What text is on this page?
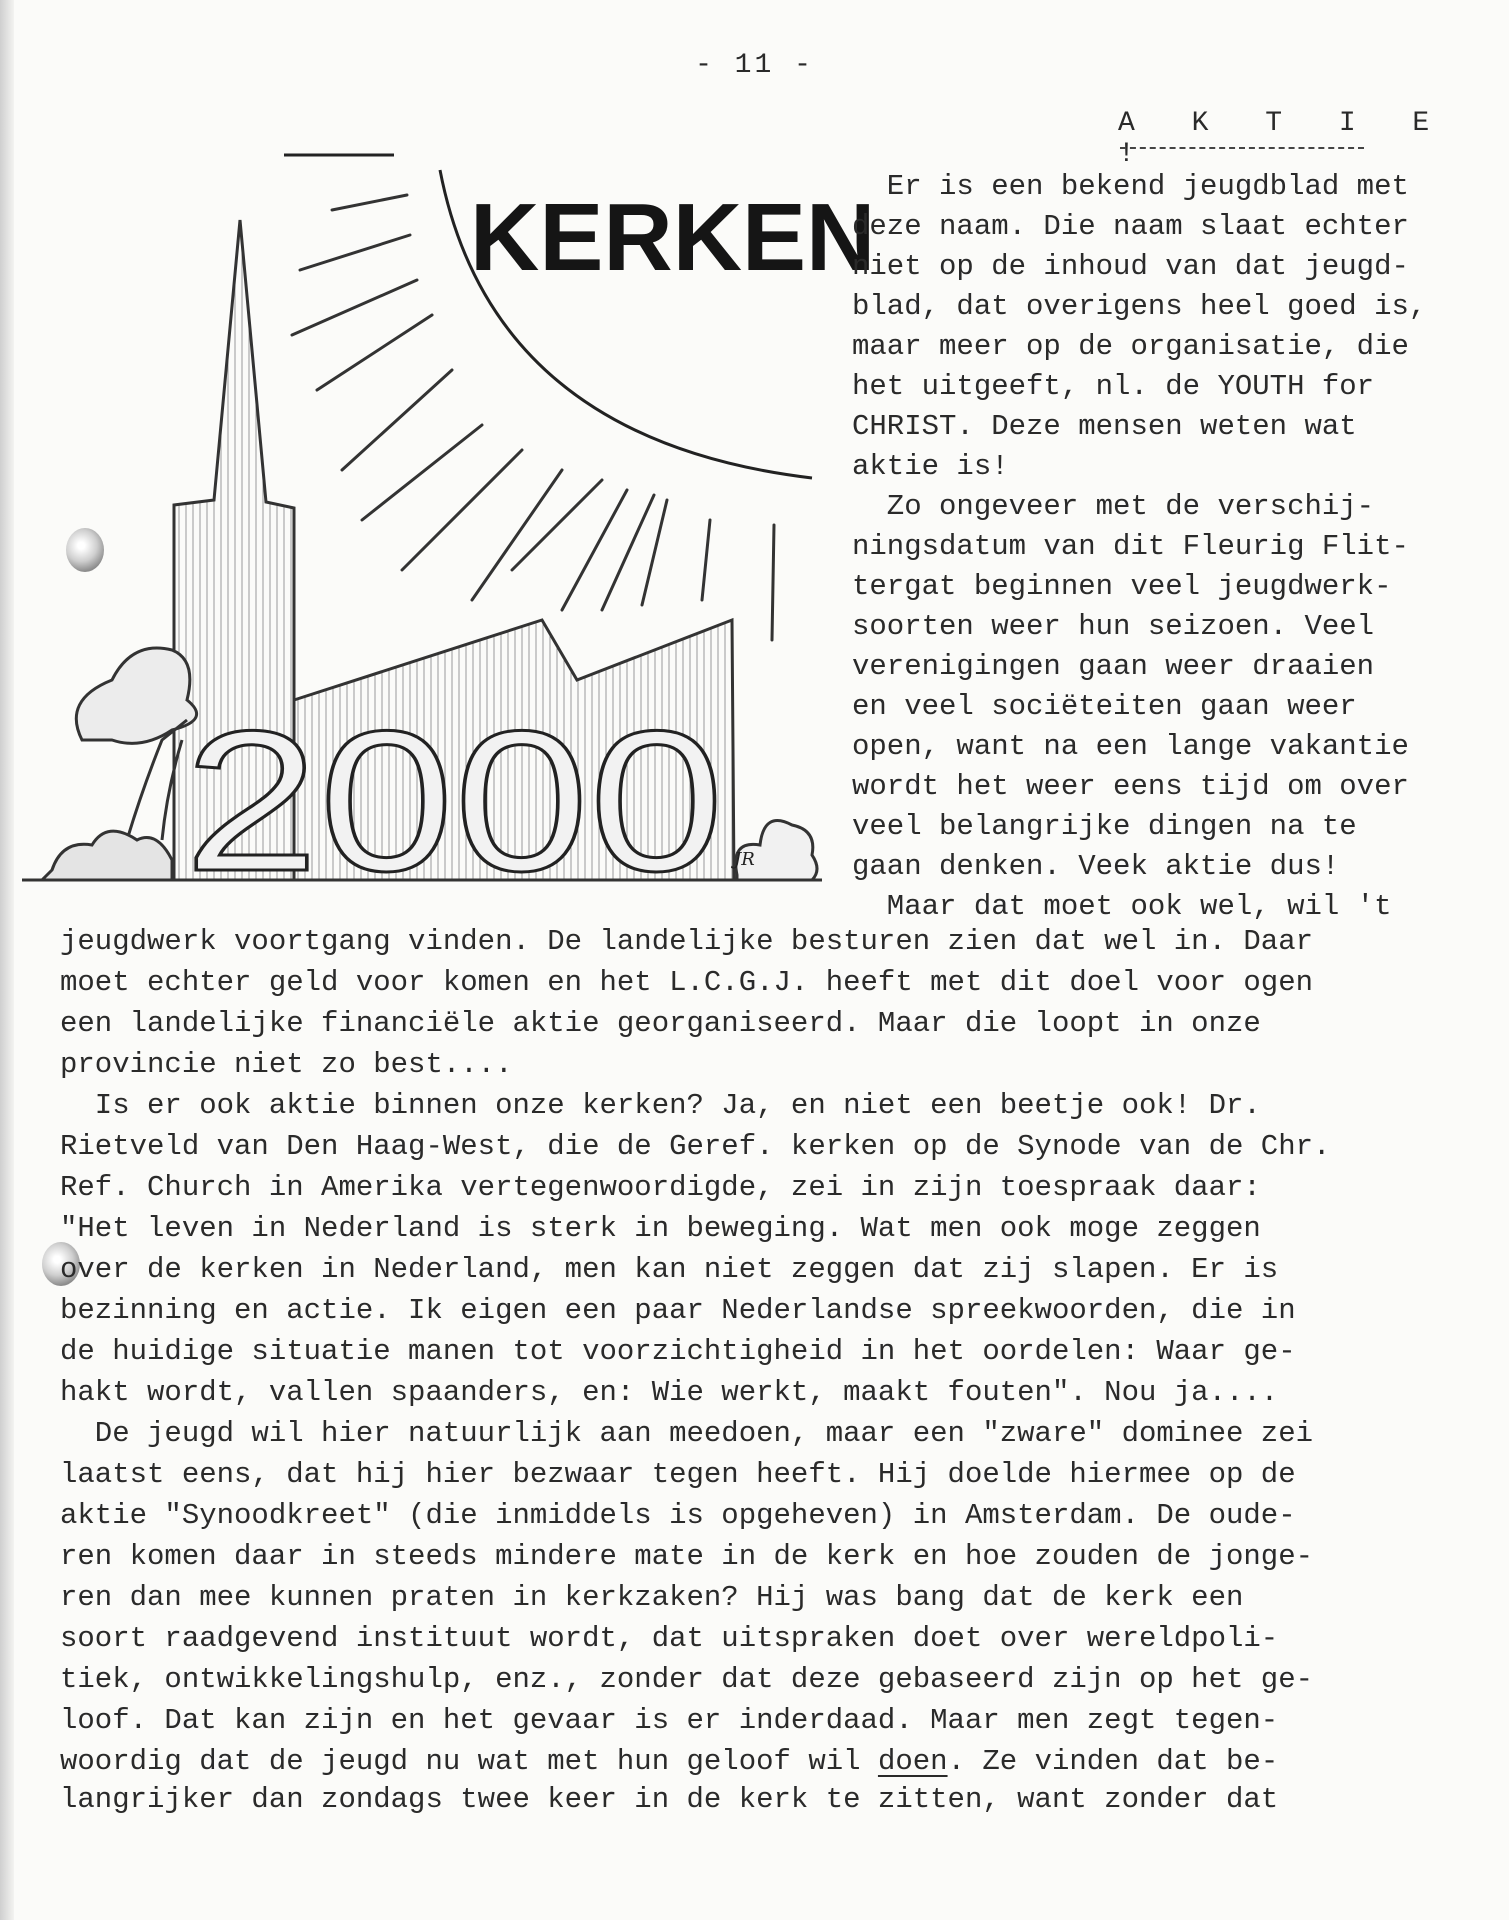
- 11 -
A K T I E !
KERKEN
2000 JR
Er is een bekend jeugdblad met
deze naam. Die naam slaat echter
niet op de inhoud van dat jeugd-
blad, dat overigens heel goed is,
maar meer op de organisatie, die
het uitgeeft, nl. de YOUTH for
CHRIST. Deze mensen weten wat
aktie is!
Zo ongeveer met de verschij-
ningsdatum van dit Fleurig Flit-
tergat beginnen veel jeugdwerk-
soorten weer hun seizoen. Veel
verenigingen gaan weer draaien
en veel sociëteiten gaan weer
open, want na een lange vakantie
wordt het weer eens tijd om over
veel belangrijke dingen na te
gaan denken. Veek aktie dus!
Maar dat moet ook wel, wil 't
jeugdwerk voortgang vinden. De landelijke besturen zien dat wel in. Daar
moet echter geld voor komen en het L.C.G.J. heeft met dit doel voor ogen
een landelijke financiële aktie georganiseerd. Maar die loopt in onze
provincie niet zo best....
Is er ook aktie binnen onze kerken? Ja, en niet een beetje ook! Dr.
Rietveld van Den Haag-West, die de Geref. kerken op de Synode van de Chr.
Ref. Church in Amerika vertegenwoordigde, zei in zijn toespraak daar:
"Het leven in Nederland is sterk in beweging. Wat men ook moge zeggen
over de kerken in Nederland, men kan niet zeggen dat zij slapen. Er is
bezinning en actie. Ik eigen een paar Nederlandse spreekwoorden, die in
de huidige situatie manen tot voorzichtigheid in het oordelen: Waar ge-
hakt wordt, vallen spaanders, en: Wie werkt, maakt fouten". Nou ja....
De jeugd wil hier natuurlijk aan meedoen, maar een "zware" dominee zei
laatst eens, dat hij hier bezwaar tegen heeft. Hij doelde hiermee op de
aktie "Synoodkreet" (die inmiddels is opgeheven) in Amsterdam. De oude-
ren komen daar in steeds mindere mate in de kerk en hoe zouden de jonge-
ren dan mee kunnen praten in kerkzaken? Hij was bang dat de kerk een
soort raadgevend instituut wordt, dat uitspraken doet over wereldpoli-
tiek, ontwikkelingshulp, enz., zonder dat deze gebaseerd zijn op het ge-
loof. Dat kan zijn en het gevaar is er inderdaad. Maar men zegt tegen-
woordig dat de jeugd nu wat met hun geloof wil doen. Ze vinden dat be-
langrijker dan zondags twee keer in de kerk te zitten, want zonder dat
